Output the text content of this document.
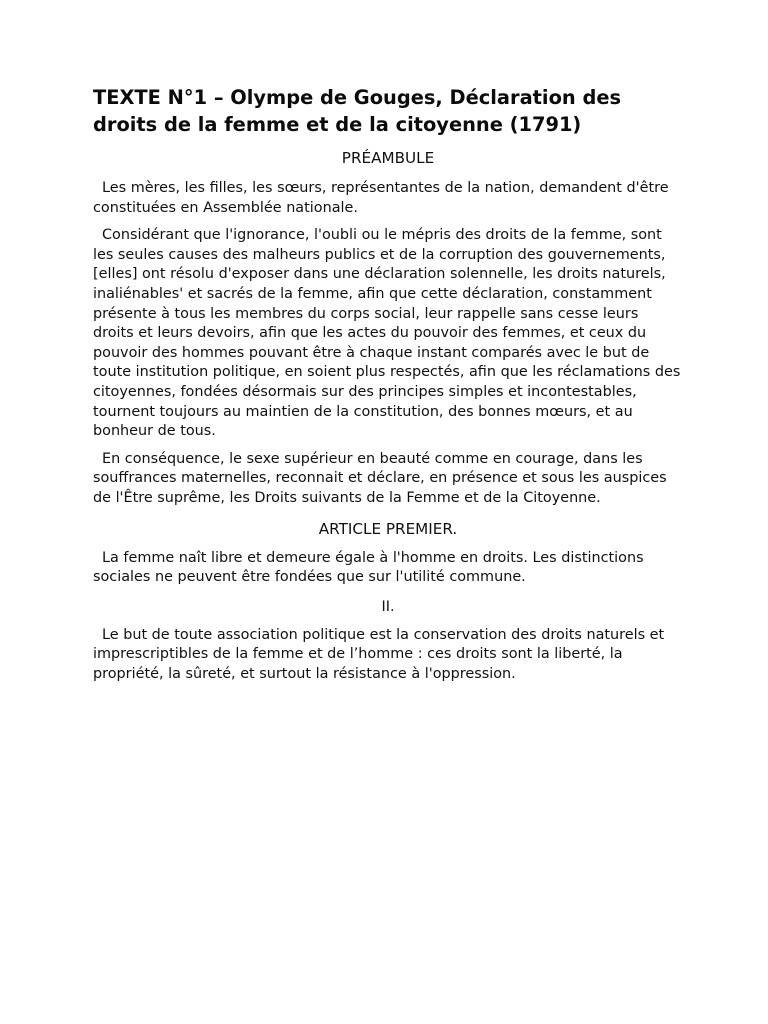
TEXTE N°1 – Olympe de Gouges, Déclaration des droits de la femme et de la citoyenne (1791)
PRÉAMBULE

Les mères, les filles, les sœurs, représentantes de la nation, demandent d'être constituées en Assemblée nationale.

Considérant que l'ignorance, l'oubli ou le mépris des droits de la femme, sont les seules causes des malheurs publics et de la corruption des gouvernements, [elles] ont résolu d'exposer dans une déclaration solennelle, les droits naturels, inaliénables' et sacrés de la femme, afin que cette déclaration, constamment présente à tous les membres du corps social, leur rappelle sans cesse leurs droits et leurs devoirs, afin que les actes du pouvoir des femmes, et ceux du pouvoir des hommes pouvant être à chaque instant comparés avec le but de toute institution politique, en soient plus respectés, afin que les réclamations des citoyennes, fondées désormais sur des principes simples et incontestables, tournent toujours au maintien de la constitution, des bonnes mœurs, et au bonheur de tous.

En conséquence, le sexe supérieur en beauté comme en courage, dans les souffrances maternelles, reconnait et déclare, en présence et sous les auspices de l'Être suprême, les Droits suivants de la Femme et de la Citoyenne.

ARTICLE PREMIER.

La femme naît libre et demeure égale à l'homme en droits. Les distinctions sociales ne peuvent être fondées que sur l'utilité commune.

II.

Le but de toute association politique est la conservation des droits naturels et imprescriptibles de la femme et de l’homme : ces droits sont la liberté, la propriété, la sûreté, et surtout la résistance à l'oppression.
